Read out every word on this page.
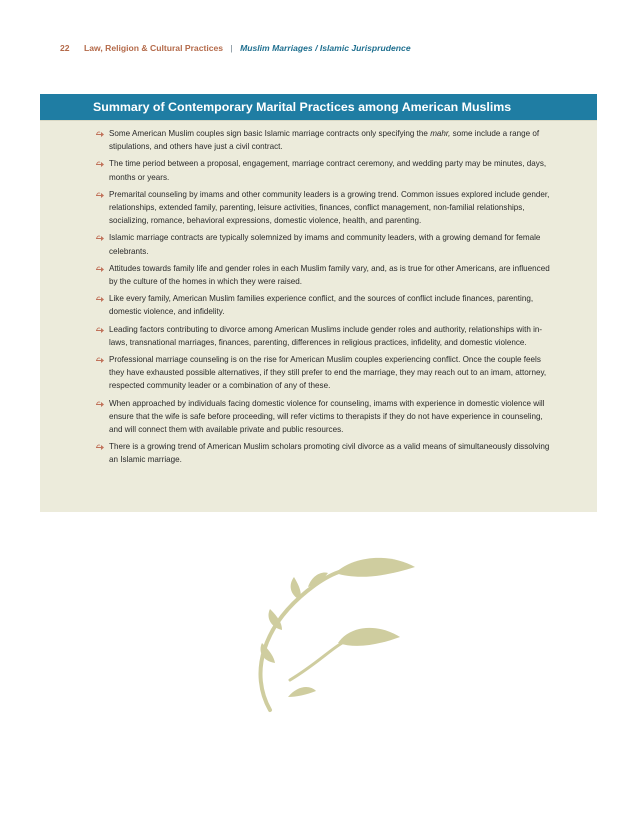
22 Law, Religion & Cultural Practices | Muslim Marriages / Islamic Jurisprudence
Summary of Contemporary Marital Practices among American Muslims
Some American Muslim couples sign basic Islamic marriage contracts only specifying the mahr, some include a range of stipulations, and others have just a civil contract.
The time period between a proposal, engagement, marriage contract ceremony, and wedding party may be minutes, days, months or years.
Premarital counseling by imams and other community leaders is a growing trend. Common issues explored include gender, relationships, extended family, parenting, leisure activities, finances, conflict management, non-familial relationships, socializing, romance, behavioral expressions, domestic violence, health, and parenting.
Islamic marriage contracts are typically solemnized by imams and community leaders, with a growing demand for female celebrants.
Attitudes towards family life and gender roles in each Muslim family vary, and, as is true for other Americans, are influenced by the culture of the homes in which they were raised.
Like every family, American Muslim families experience conflict, and the sources of conflict include finances, parenting, domestic violence, and infidelity.
Leading factors contributing to divorce among American Muslims include gender roles and authority, relationships with in-laws, transnational marriages, finances, parenting, differences in religious practices, infidelity, and domestic violence.
Professional marriage counseling is on the rise for American Muslim couples experiencing conflict. Once the couple feels they have exhausted possible alternatives, if they still prefer to end the marriage, they may reach out to an imam, attorney, respected community leader or a combination of any of these.
When approached by individuals facing domestic violence for counseling, imams with experience in domestic violence will ensure that the wife is safe before proceeding, will refer victims to therapists if they do not have experience in counseling, and will connect them with available private and public resources.
There is a growing trend of American Muslim scholars promoting civil divorce as a valid means of simultaneously dissolving an Islamic marriage.
